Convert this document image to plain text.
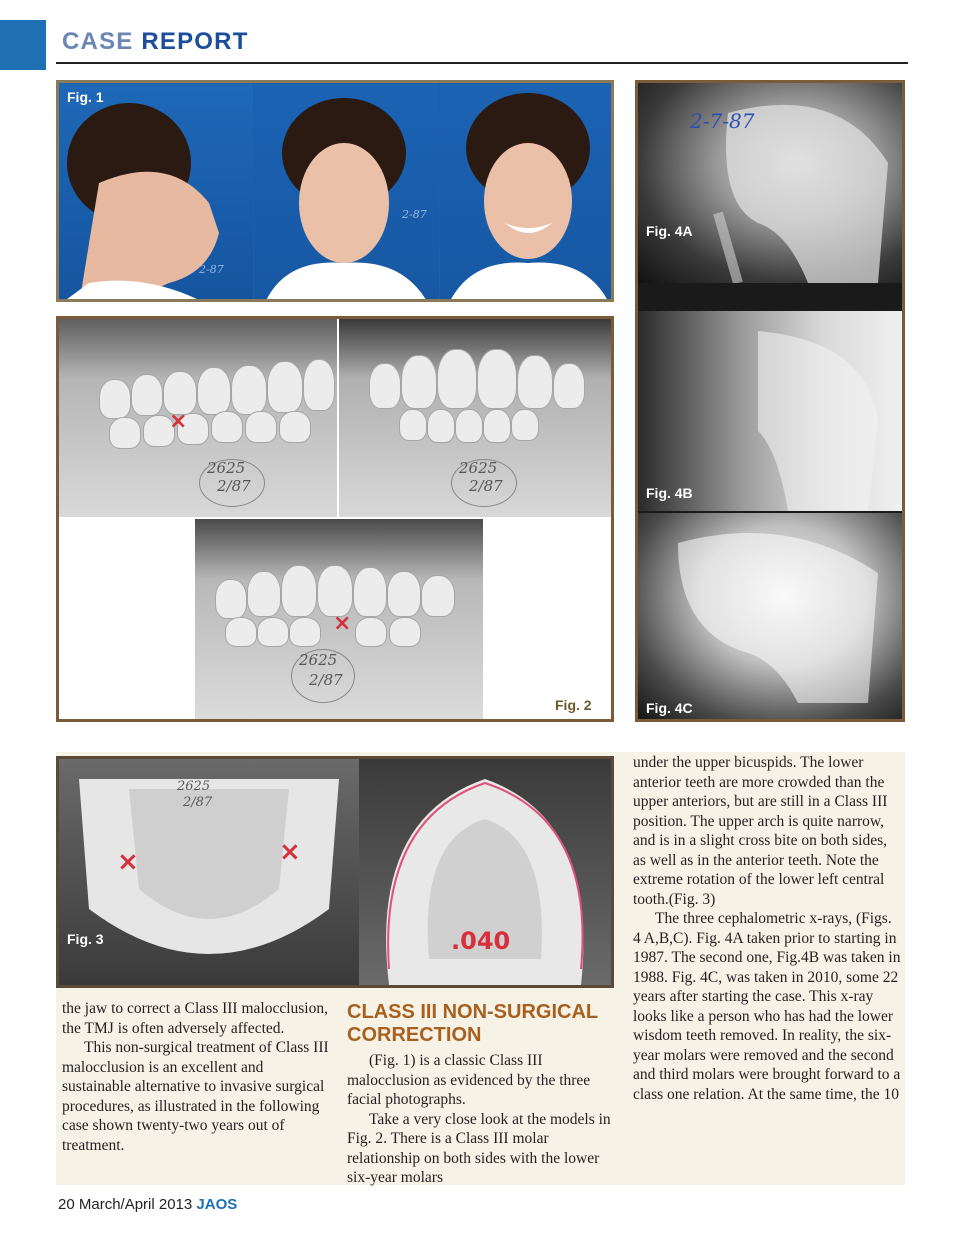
CASE REPORT
2-87
2-87
Fig. 1
×
2625
2/87
2625
2/87
×
2625
2/87
Fig. 2
2-7-87
Fig. 4A
Fig. 4B
Fig. 4C
×	×
2625
2/87
Fig. 3	.040

the jaw to correct a Class III malocclusion, the TMJ is often adversely affected.

This non-surgical treatment of Class III malocclusion is an excellent and sustainable alternative to invasive surgical procedures, as illustrated in the following case shown twenty-two years out of treatment.

CLASS III NON-SURGICAL CORRECTION

(Fig. 1) is a classic Class III malocclusion as evidenced by the three facial photographs.

Take a very close look at the models in Fig. 2. There is a Class III molar relationship on both sides with the lower six-year molars

under the upper bicuspids. The lower anterior teeth are more crowded than the upper anteriors, but are still in a Class III position. The upper arch is quite narrow, and is in a slight cross bite on both sides, as well as in the anterior teeth. Note the extreme rotation of the lower left central tooth.(Fig. 3)

The three cephalometric x-rays, (Figs. 4 A,B,C). Fig. 4A taken prior to starting in 1987. The second one, Fig.4B was taken in 1988. Fig. 4C, was taken in 2010, some 22 years after starting the case. This x-ray looks like a person who has had the lower wisdom teeth removed. In reality, the six-year molars were removed and the second and third molars were brought forward to a class one relation. At the same time, the 10

20 March/April 2013 JAOS
